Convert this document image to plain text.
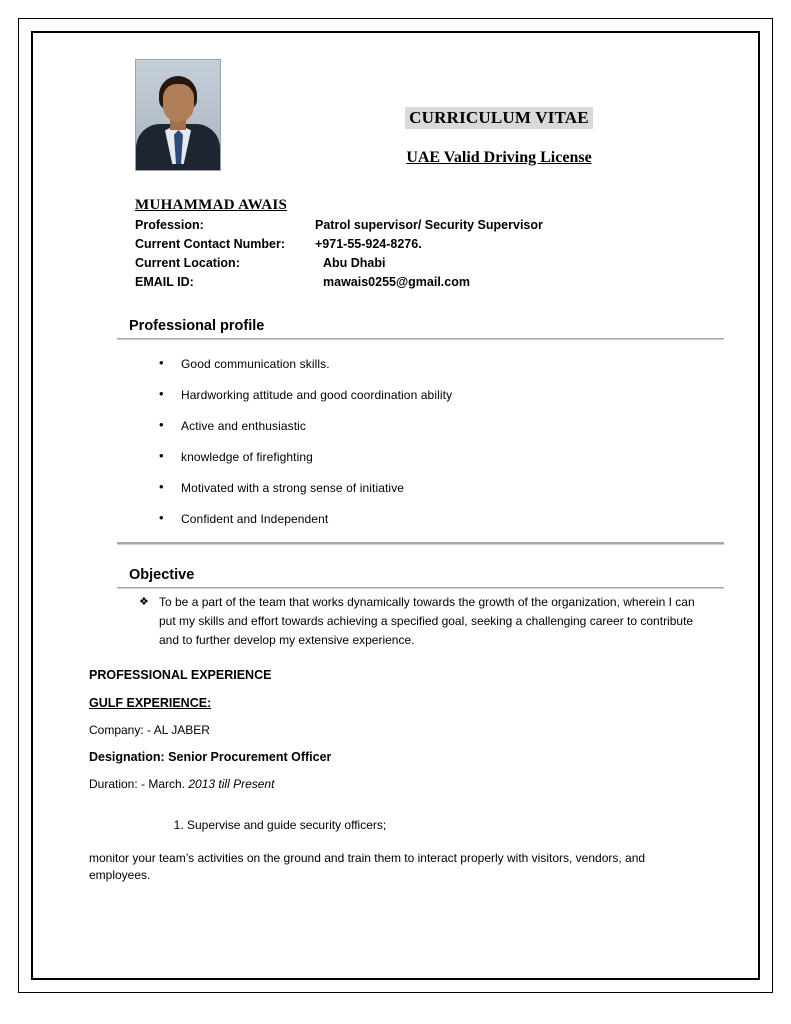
CURRICULUM VITAE
UAE Valid Driving License
MUHAMMAD AWAIS
Profession:	Patrol supervisor/ Security Supervisor
Current Contact Number:	+971-55-924-8276.
Current Location:	Abu Dhabi
EMAIL ID:	mawais0255@gmail.com
Professional profile
• Good communication skills.
• Hardworking attitude and good coordination ability
• Active and enthusiastic
• knowledge of firefighting
• Motivated with a strong sense of initiative
• Confident and Independent
Objective
❖ To be a part of the team that works dynamically towards the growth of the organization, wherein I can put my skills and effort towards achieving a specified goal, seeking a challenging career to contribute and to further develop my extensive experience.
PROFESSIONAL EXPERIENCE
GULF EXPERIENCE:
Company: - AL JABER
Designation: Senior Procurement Officer
Duration: - March. 2013 till Present
1. Supervise and guide security officers;
monitor your team’s activities on the ground and train them to interact properly with visitors, vendors, and employees.
